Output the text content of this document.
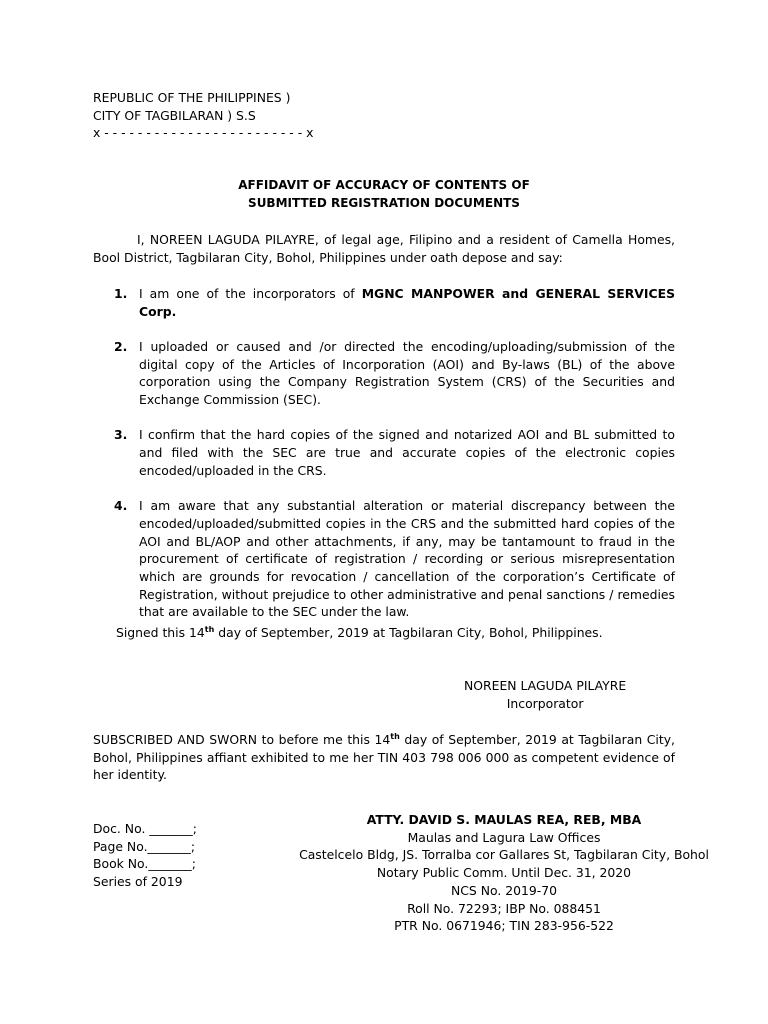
REPUBLIC OF THE PHILIPPINES )
CITY OF TAGBILARAN ) S.S
x - - - - - - - - - - - - - - - - - - - - - - - - x
AFFIDAVIT OF ACCURACY OF CONTENTS OF
SUBMITTED REGISTRATION DOCUMENTS
I, NOREEN LAGUDA PILAYRE, of legal age, Filipino and a resident of Camella Homes, Bool District, Tagbilaran City, Bohol, Philippines under oath depose and say:
1. I am one of the incorporators of MGNC MANPOWER and GENERAL SERVICES Corp.
2. I uploaded or caused and /or directed the encoding/uploading/submission of the digital copy of the Articles of Incorporation (AOI) and By-laws (BL) of the above corporation using the Company Registration System (CRS) of the Securities and Exchange Commission (SEC).
3. I confirm that the hard copies of the signed and notarized AOI and BL submitted to and filed with the SEC are true and accurate copies of the electronic copies encoded/uploaded in the CRS.
4. I am aware that any substantial alteration or material discrepancy between the encoded/uploaded/submitted copies in the CRS and the submitted hard copies of the AOI and BL/AOP and other attachments, if any, may be tantamount to fraud in the procurement of certificate of registration / recording or serious misrepresentation which are grounds for revocation / cancellation of the corporation’s Certificate of Registration, without prejudice to other administrative and penal sanctions / remedies that are available to the SEC under the law.
Signed this 14th day of September, 2019 at Tagbilaran City, Bohol, Philippines.
NOREEN LAGUDA PILAYRE
Incorporator
SUBSCRIBED AND SWORN to before me this 14th day of September, 2019 at Tagbilaran City, Bohol, Philippines affiant exhibited to me her TIN 403 798 006 000 as competent evidence of her identity.
Doc. No. _______;
Page No._______;
Book No._______;
Series of 2019
ATTY. DAVID S. MAULAS REA, REB, MBA
Maulas and Lagura Law Offices
Castelcelo Bldg, JS. Torralba cor Gallares St, Tagbilaran City, Bohol
Notary Public Comm. Until Dec. 31, 2020
NCS No. 2019-70
Roll No. 72293; IBP No. 088451
PTR No. 0671946; TIN 283-956-522
